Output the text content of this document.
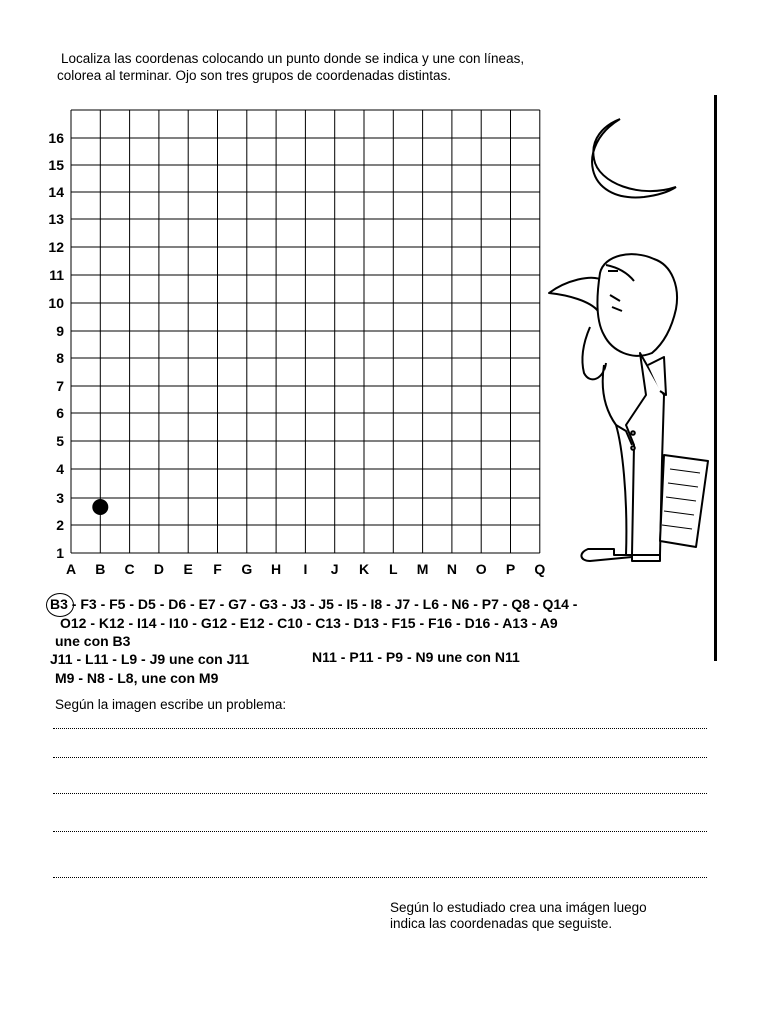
Localiza las coordenas colocando un punto donde se indica y une con líneas,
colorea al terminar. Ojo son tres grupos de coordenadas distintas.
1
2
3
4
5
6
7
8
9
10
11
12
13
14
15
16
A B C D E F G H I J K L M N O P Q
B3 - F3 - F5 - D5 - D6 - E7 - G7 - G3 - J3 - J5 - I5 - I8 - J7 - L6 - N6 - P7 - Q8 - Q14 -
O12 - K12 - I14 - I10 - G12 - E12 - C10 - C13 - D13 - F15 - F16 - D16 - A13 - A9
une con B3
J11 - L11 - L9 - J9 une con J11	N11 - P11 - P9 - N9 une con N11
M9 - N8 - L8, une con M9
Según la imagen escribe un problema:
Según lo estudiado crea una imágen luego
indica las coordenadas que seguiste.
